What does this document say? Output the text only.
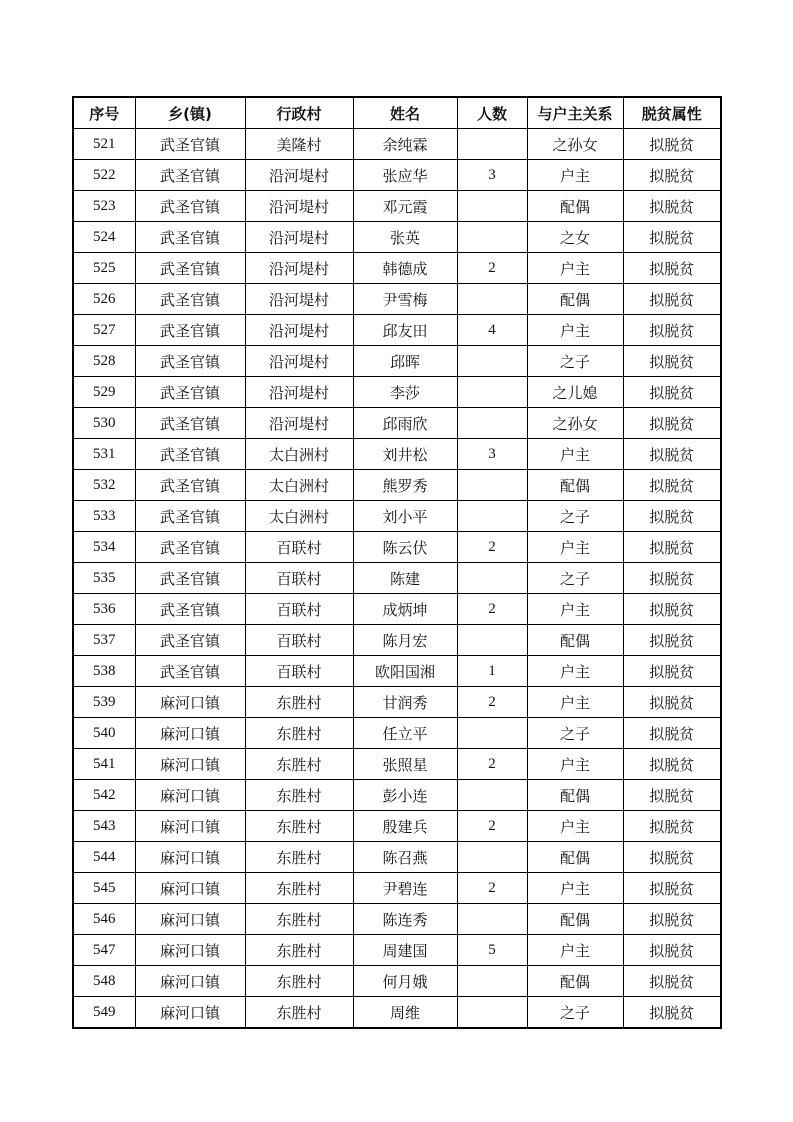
序号	乡(镇)	行政村	姓名	人数	与户主关系	脱贫属性
521	武圣官镇	美隆村	余纯霖		之孙女	拟脱贫
522	武圣官镇	沿河堤村	张应华	3	户主	拟脱贫
523	武圣官镇	沿河堤村	邓元霞		配偶	拟脱贫
524	武圣官镇	沿河堤村	张英		之女	拟脱贫
525	武圣官镇	沿河堤村	韩德成	2	户主	拟脱贫
526	武圣官镇	沿河堤村	尹雪梅		配偶	拟脱贫
527	武圣官镇	沿河堤村	邱友田	4	户主	拟脱贫
528	武圣官镇	沿河堤村	邱晖		之子	拟脱贫
529	武圣官镇	沿河堤村	李莎		之儿媳	拟脱贫
530	武圣官镇	沿河堤村	邱雨欣		之孙女	拟脱贫
531	武圣官镇	太白洲村	刘井松	3	户主	拟脱贫
532	武圣官镇	太白洲村	熊罗秀		配偶	拟脱贫
533	武圣官镇	太白洲村	刘小平		之子	拟脱贫
534	武圣官镇	百联村	陈云伏	2	户主	拟脱贫
535	武圣官镇	百联村	陈建		之子	拟脱贫
536	武圣官镇	百联村	成炳坤	2	户主	拟脱贫
537	武圣官镇	百联村	陈月宏		配偶	拟脱贫
538	武圣官镇	百联村	欧阳国湘	1	户主	拟脱贫
539	麻河口镇	东胜村	甘润秀	2	户主	拟脱贫
540	麻河口镇	东胜村	任立平		之子	拟脱贫
541	麻河口镇	东胜村	张照星	2	户主	拟脱贫
542	麻河口镇	东胜村	彭小连		配偶	拟脱贫
543	麻河口镇	东胜村	殷建兵	2	户主	拟脱贫
544	麻河口镇	东胜村	陈召燕		配偶	拟脱贫
545	麻河口镇	东胜村	尹碧连	2	户主	拟脱贫
546	麻河口镇	东胜村	陈连秀		配偶	拟脱贫
547	麻河口镇	东胜村	周建国	5	户主	拟脱贫
548	麻河口镇	东胜村	何月娥		配偶	拟脱贫
549	麻河口镇	东胜村	周维		之子	拟脱贫
